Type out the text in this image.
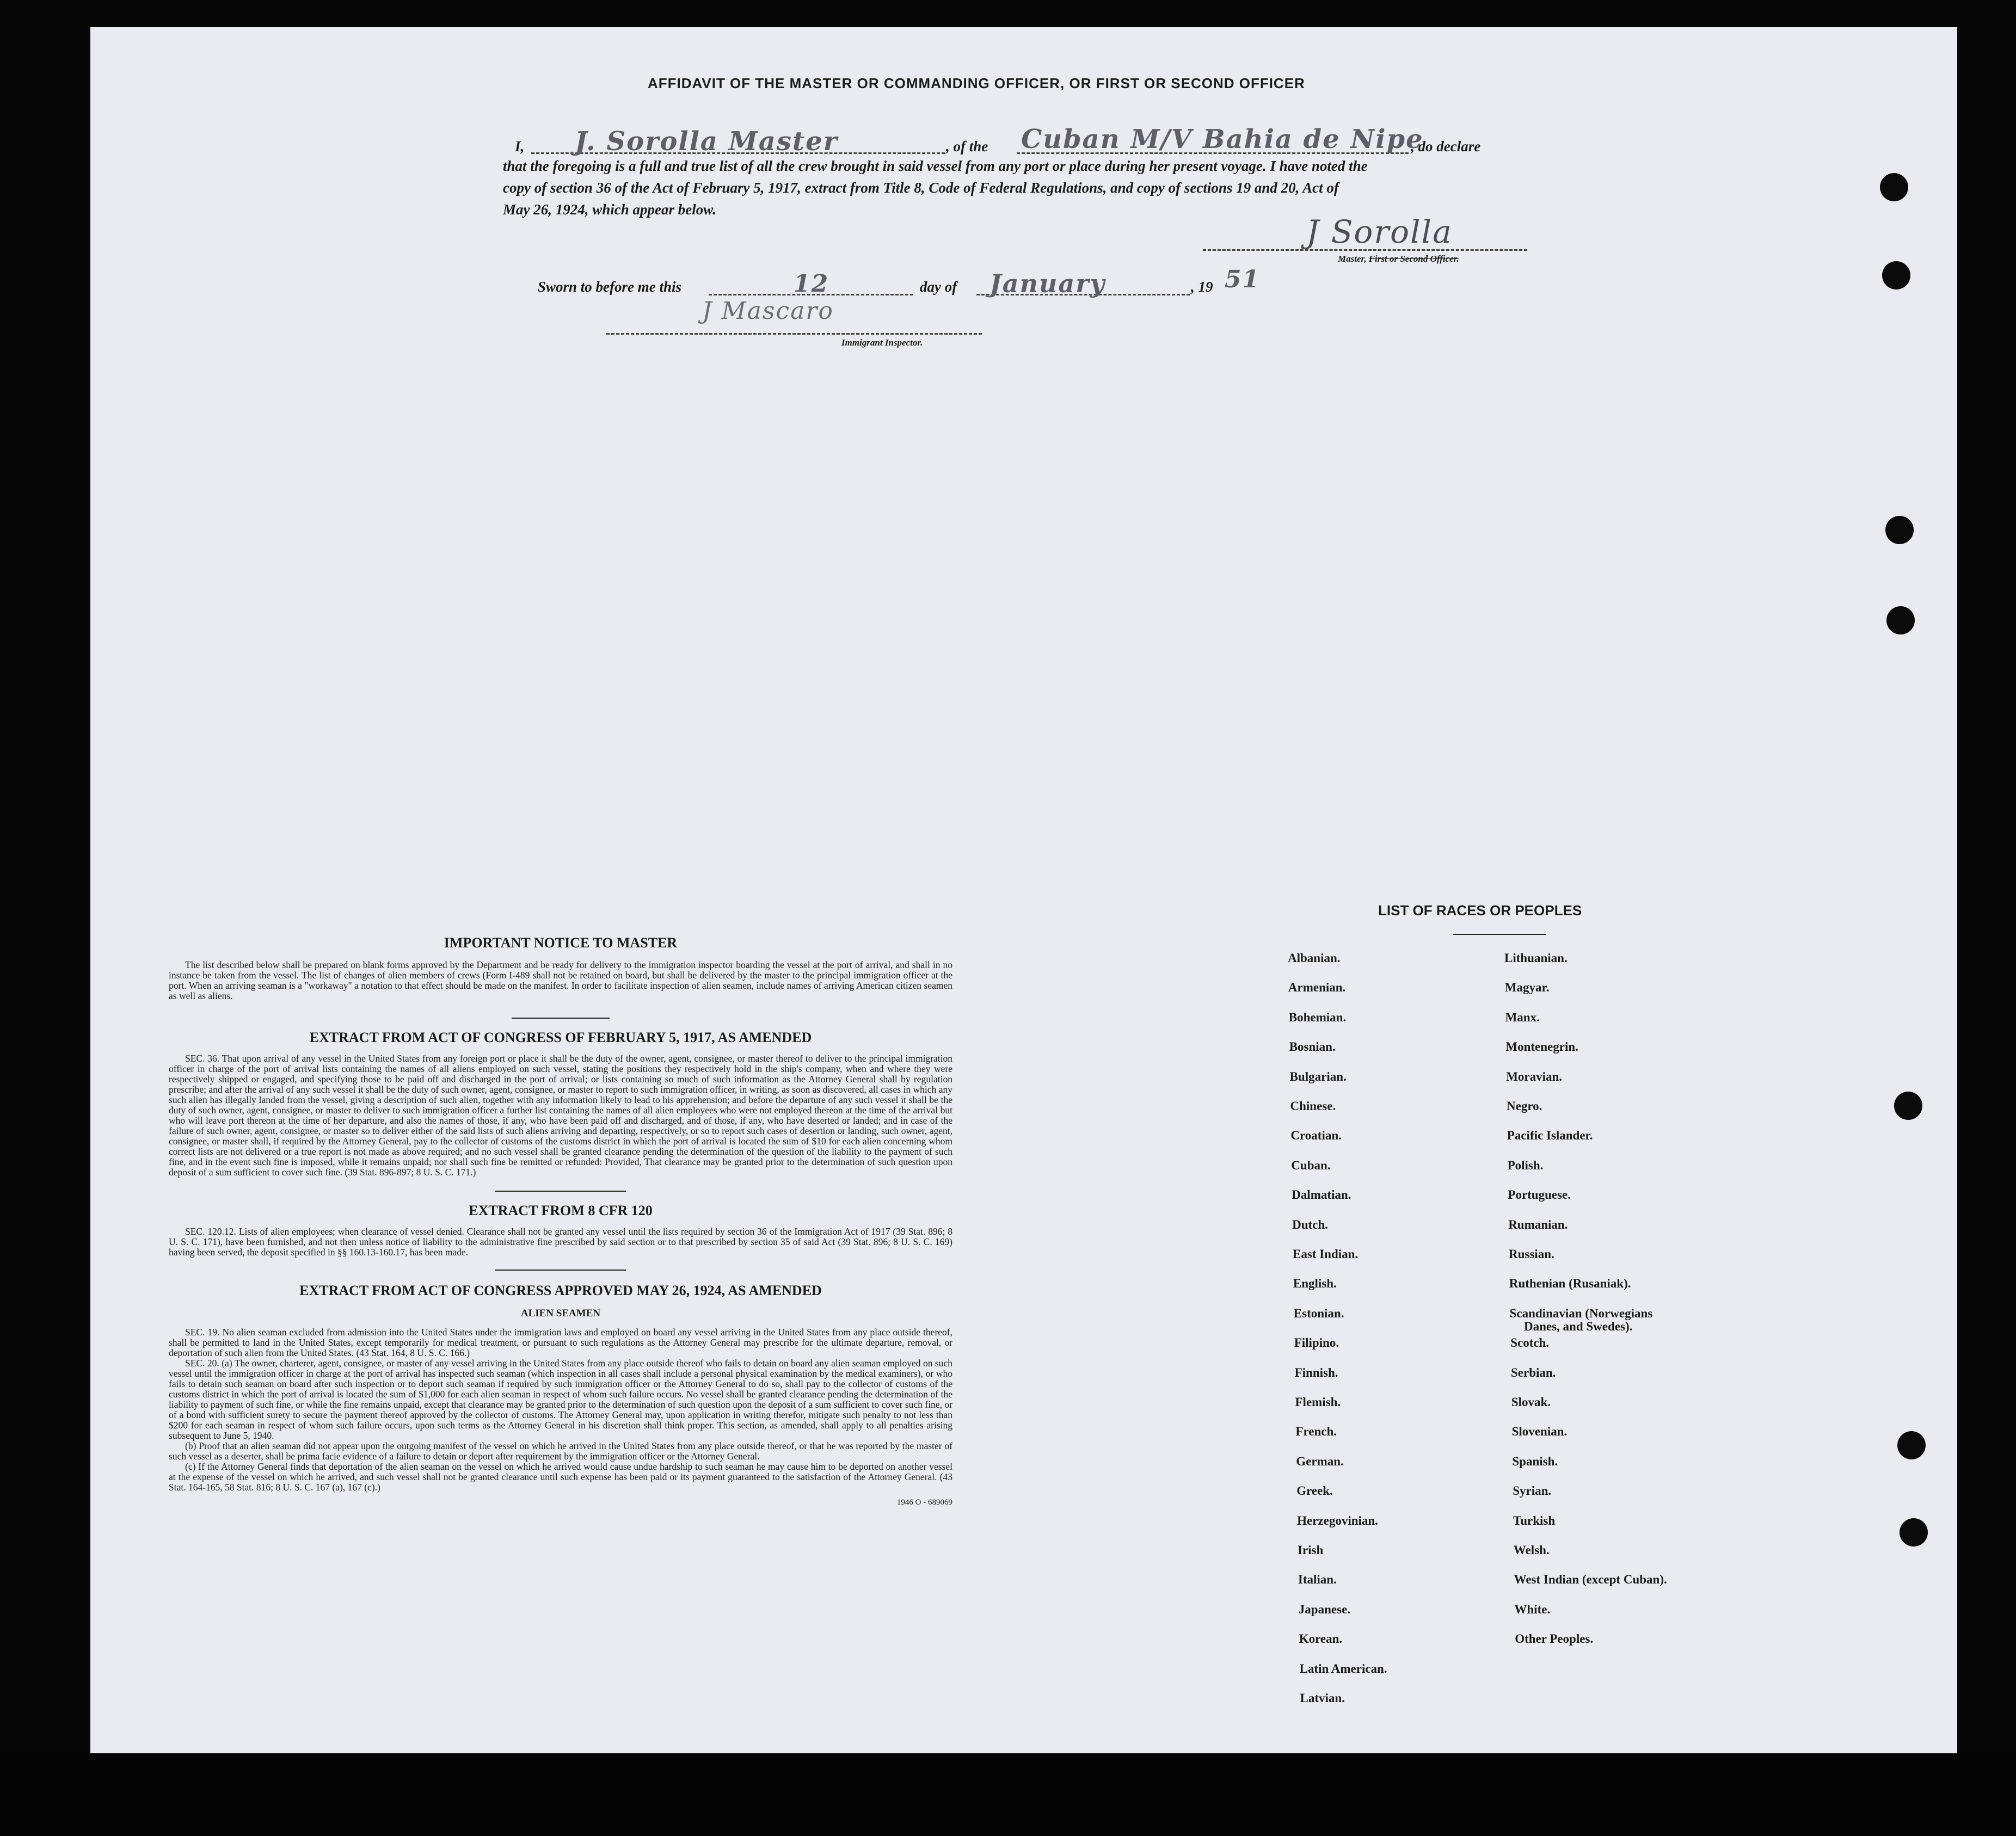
AFFIDAVIT OF THE MASTER OR COMMANDING OFFICER, OR FIRST OR SECOND OFFICER
I, J. Sorolla Master	, of the Cuban M/V Bahia de Nipe
, do declare
that the foregoing is a full and true list of all the crew brought in said vessel from any port or place during her present voyage. I have noted the
copy of section 36 of the Act of February 5, 1917, extract from Title 8, Code of Federal Regulations, and copy of sections 19 and 20, Act of
May 26, 1924, which appear below.
J Sorolla
Master, First or Second Officer.
Sworn to before me this	12	day of January	, 19 51
J Mascaro
Immigrant Inspector.
IMPORTANT NOTICE TO MASTER
The list described below shall be prepared on blank forms approved by the Department and be ready for delivery to the immigration inspector boarding the vessel at the port of arrival, and shall in no instance be taken from the vessel. The list of changes of alien members of crews (Form I-489 shall not be retained on board, but shall be delivered by the master to the principal immigration officer at the port. When an arriving seaman is a "workaway" a notation to that effect should be made on the manifest. In order to facilitate inspection of alien seamen, include names of arriving American citizen seamen as well as aliens.
EXTRACT FROM ACT OF CONGRESS OF FEBRUARY 5, 1917, AS AMENDED
SEC. 36. That upon arrival of any vessel in the United States from any foreign port or place it shall be the duty of the owner, agent, consignee, or master thereof to deliver to the principal immigration officer in charge of the port of arrival lists containing the names of all aliens employed on such vessel, stating the positions they respectively hold in the ship's company, when and where they were respectively shipped or engaged, and specifying those to be paid off and discharged in the port of arrival; or lists containing so much of such information as the Attorney General shall by regulation prescribe; and after the arrival of any such vessel it shall be the duty of such owner, agent, consignee, or master to report to such immigration officer, in writing, as soon as discovered, all cases in which any such alien has illegally landed from the vessel, giving a description of such alien, together with any information likely to lead to his apprehension; and before the departure of any such vessel it shall be the duty of such owner, agent, consignee, or master to deliver to such immigration officer a further list containing the names of all alien employees who were not employed thereon at the time of the arrival but who will leave port thereon at the time of her departure, and also the names of those, if any, who have been paid off and discharged, and of those, if any, who have deserted or landed; and in case of the failure of such owner, agent, consignee, or master so to deliver either of the said lists of such aliens arriving and departing, respectively, or so to report such cases of desertion or landing, such owner, agent, consignee, or master shall, if required by the Attorney General, pay to the collector of customs of the customs district in which the port of arrival is located the sum of $10 for each alien concerning whom correct lists are not delivered or a true report is not made as above required; and no such vessel shall be granted clearance pending the determination of the question of the liability to the payment of such fine, and in the event such fine is imposed, while it remains unpaid; nor shall such fine be remitted or refunded: Provided, That clearance may be granted prior to the determination of such question upon deposit of a sum sufficient to cover such fine. (39 Stat. 896-897; 8 U. S. C. 171.)
EXTRACT FROM 8 CFR 120
SEC. 120.12. Lists of alien employees; when clearance of vessel denied. Clearance shall not be granted any vessel until the lists required by section 36 of the Immigration Act of 1917 (39 Stat. 896; 8 U. S. C. 171), have been furnished, and not then unless notice of liability to the administrative fine prescribed by said section or to that prescribed by section 35 of said Act (39 Stat. 896; 8 U. S. C. 169) having been served, the deposit specified in §§ 160.13-160.17, has been made.
EXTRACT FROM ACT OF CONGRESS APPROVED MAY 26, 1924, AS AMENDED
ALIEN SEAMEN
SEC. 19. No alien seaman excluded from admission into the United States under the immigration laws and employed on board any vessel arriving in the United States from any place outside thereof, shall be permitted to land in the United States, except temporarily for medical treatment, or pursuant to such regulations as the Attorney General may prescribe for the ultimate departure, removal, or deportation of such alien from the United States. (43 Stat. 164, 8 U. S. C. 166.)
SEC. 20. (a) The owner, charterer, agent, consignee, or master of any vessel arriving in the United States from any place outside thereof who fails to detain on board any alien seaman employed on such vessel until the immigration officer in charge at the port of arrival has inspected such seaman (which inspection in all cases shall include a personal physical examination by the medical examiners), or who fails to detain such seaman on board after such inspection or to deport such seaman if required by such immigration officer or the Attorney General to do so, shall pay to the collector of customs of the customs district in which the port of arrival is located the sum of $1,000 for each alien seaman in respect of whom such failure occurs. No vessel shall be granted clearance pending the determination of the liability to payment of such fine, or while the fine remains unpaid, except that clearance may be granted prior to the determination of such question upon the deposit of a sum sufficient to cover such fine, or of a bond with sufficient surety to secure the payment thereof approved by the collector of customs. The Attorney General may, upon application in writing therefor, mitigate such penalty to not less than $200 for each seaman in respect of whom such failure occurs, upon such terms as the Attorney General in his discretion shall think proper. This section, as amended, shall apply to all penalties arising subsequent to June 5, 1940.
(b) Proof that an alien seaman did not appear upon the outgoing manifest of the vessel on which he arrived in the United States from any place outside thereof, or that he was reported by the master of such vessel as a deserter, shall be prima facie evidence of a failure to detain or deport after requirement by the immigration officer or the Attorney General.
(c) If the Attorney General finds that deportation of the alien seaman on the vessel on which he arrived would cause undue hardship to such seaman he may cause him to be deported on another vessel at the expense of the vessel on which he arrived, and such vessel shall not be granted clearance until such expense has been paid or its payment guaranteed to the satisfaction of the Attorney General. (43 Stat. 164-165, 58 Stat. 816; 8 U. S. C. 167 (a), 167 (c).)
1946 O - 689069
LIST OF RACES OR PEOPLES
Albanian.
Armenian.
Bohemian.
Bosnian.
Bulgarian.
Chinese.
Croatian.
Cuban.
Dalmatian.
Dutch.
East Indian.
English.
Estonian.
Filipino.
Finnish.
Flemish.
French.
German.
Greek.
Herzegovinian.
Irish
Italian.
Japanese.
Korean.
Latin American.
Latvian.
Lithuanian.
Magyar.
Manx.
Montenegrin.
Moravian.
Negro.
Pacific Islander.
Polish.
Portuguese.
Rumanian.
Russian.
Ruthenian (Rusaniak).
Scandinavian (Norwegians
Danes, and Swedes).
Scotch.
Serbian.
Slovak.
Slovenian.
Spanish.
Syrian.
Turkish
Welsh.
West Indian (except Cuban).
White.
Other Peoples.
